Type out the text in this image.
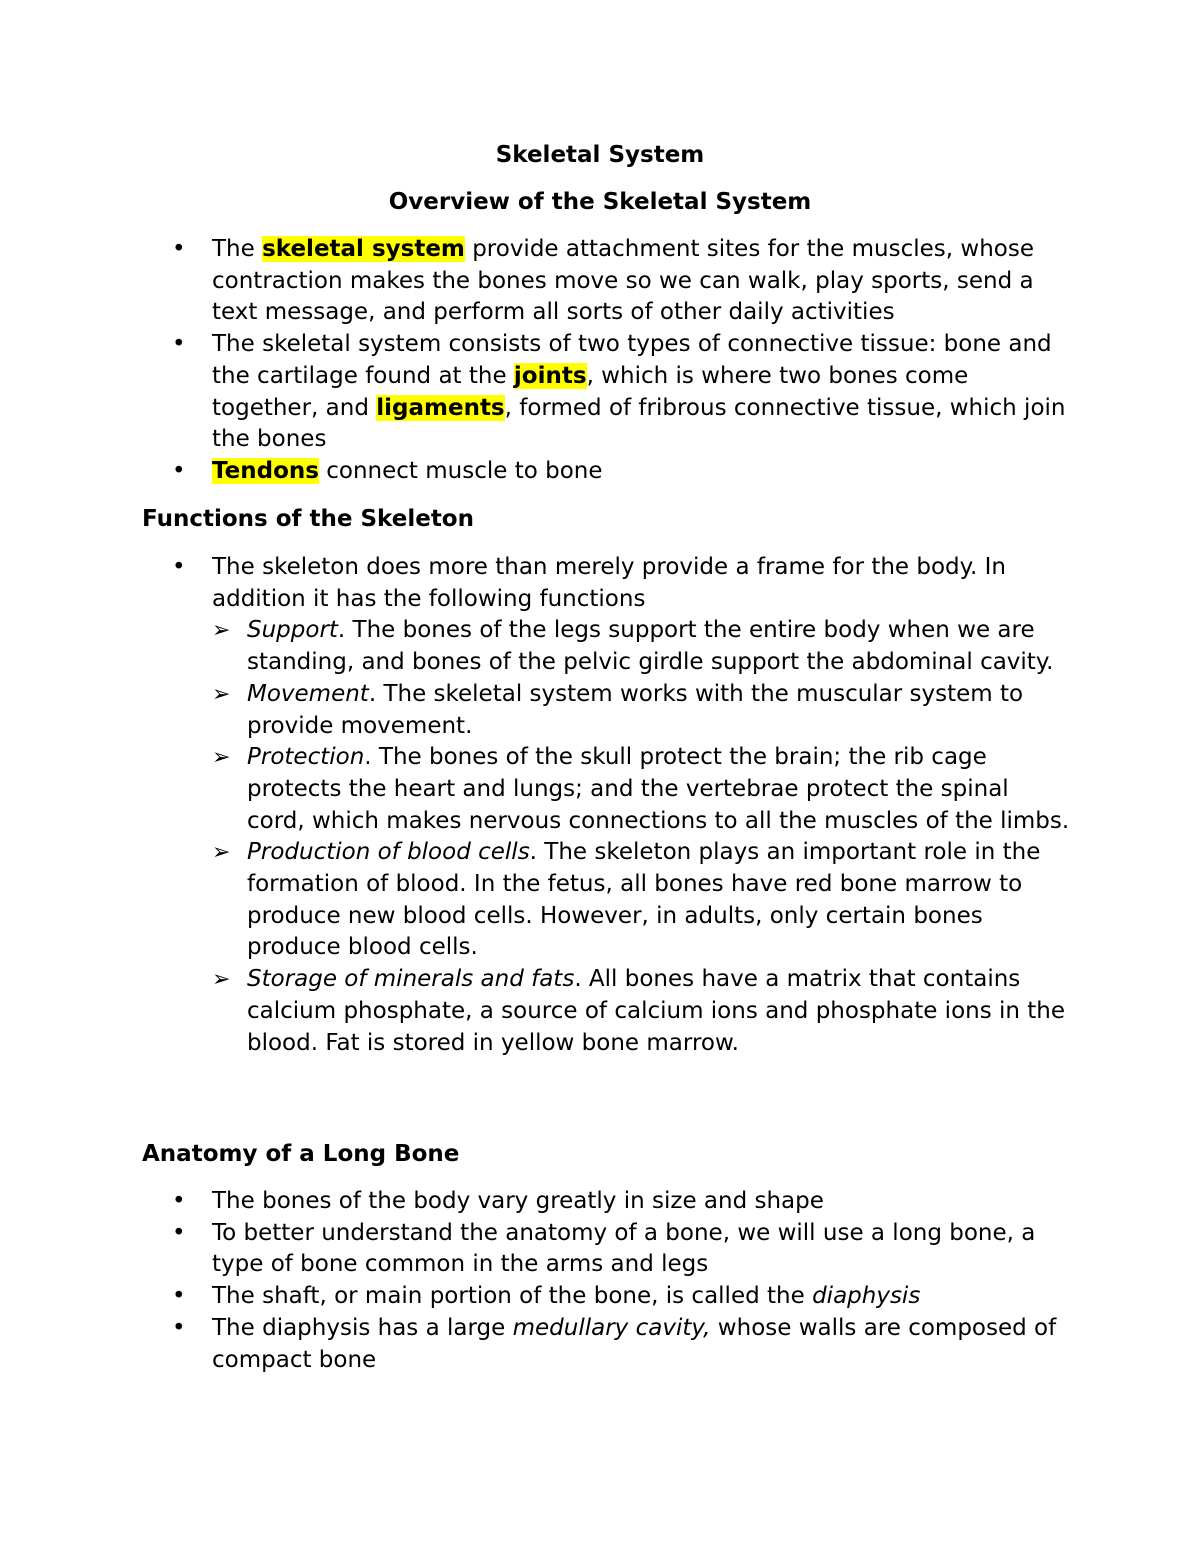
Skeletal System
Overview of the Skeletal System
• The skeletal system provide attachment sites for the muscles, whose contraction makes the bones move so we can walk, play sports, send a text message, and perform all sorts of other daily activities
• The skeletal system consists of two types of connective tissue: bone and the cartilage found at the joints, which is where two bones come together, and ligaments, formed of fribrous connective tissue, which join the bones
• Tendons connect muscle to bone
Functions of the Skeleton
• The skeleton does more than merely provide a frame for the body. In addition it has the following functions
➢ Support. The bones of the legs support the entire body when we are standing, and bones of the pelvic girdle support the abdominal cavity.
➢ Movement. The skeletal system works with the muscular system to provide movement.
➢ Protection. The bones of the skull protect the brain; the rib cage protects the heart and lungs; and the vertebrae protect the spinal cord, which makes nervous connections to all the muscles of the limbs.
➢ Production of blood cells. The skeleton plays an important role in the formation of blood. In the fetus, all bones have red bone marrow to produce new blood cells. However, in adults, only certain bones produce blood cells.
➢ Storage of minerals and fats. All bones have a matrix that contains calcium phosphate, a source of calcium ions and phosphate ions in the blood. Fat is stored in yellow bone marrow.
Anatomy of a Long Bone
• The bones of the body vary greatly in size and shape
• To better understand the anatomy of a bone, we will use a long bone, a type of bone common in the arms and legs
• The shaft, or main portion of the bone, is called the diaphysis
• The diaphysis has a large medullary cavity, whose walls are composed of compact bone
